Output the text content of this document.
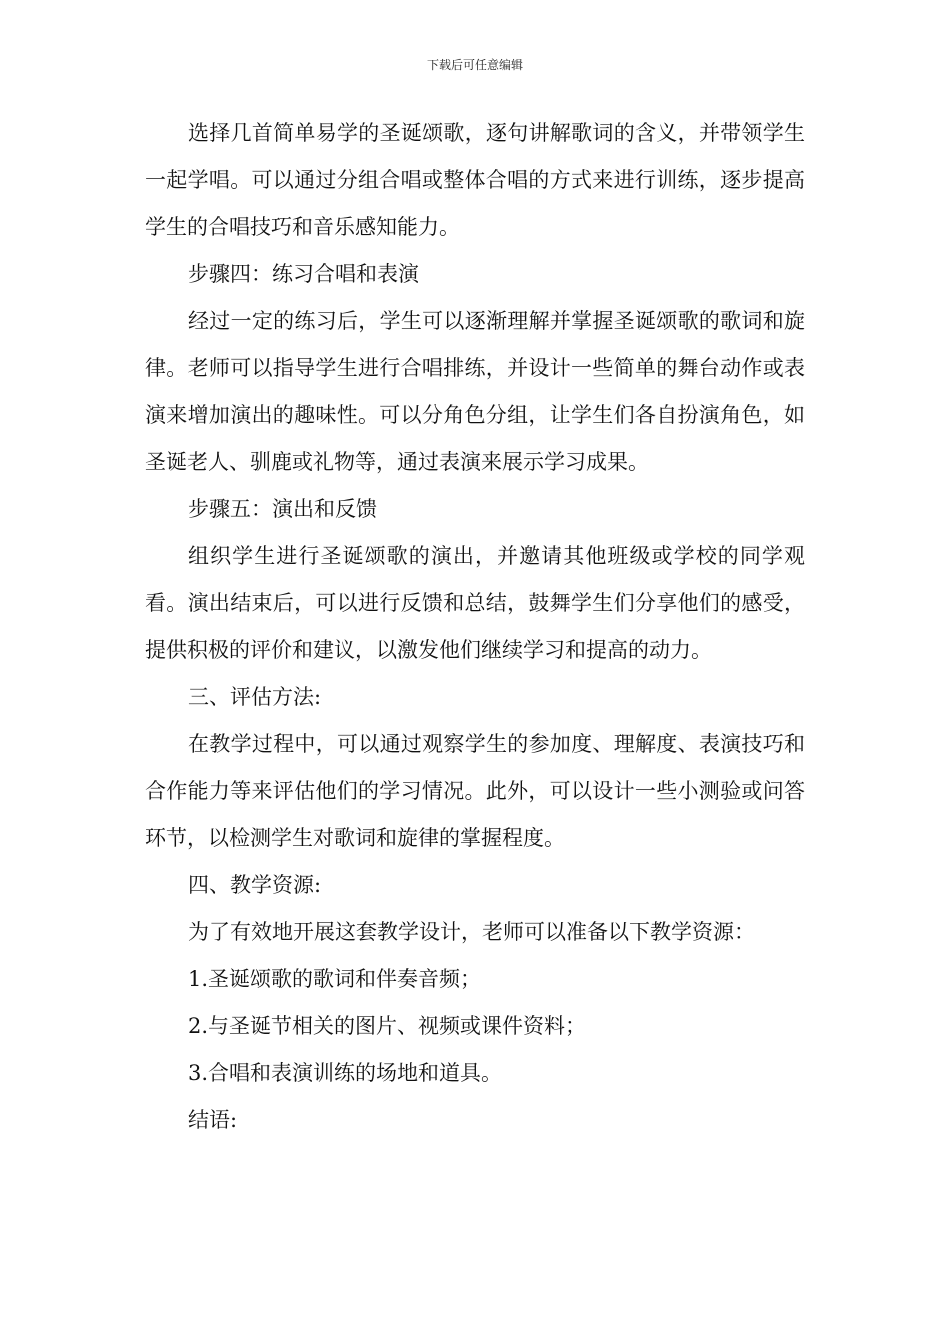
下载后可任意编辑

选择几首简单易学的圣诞颂歌，逐句讲解歌词的含义，并带领学生一起学唱。可以通过分组合唱或整体合唱的方式来进行训练，逐步提高学生的合唱技巧和音乐感知能力。

步骤四：练习合唱和表演

经过一定的练习后，学生可以逐渐理解并掌握圣诞颂歌的歌词和旋律。老师可以指导学生进行合唱排练，并设计一些简单的舞台动作或表演来增加演出的趣味性。可以分角色分组，让学生们各自扮演角色，如圣诞老人、驯鹿或礼物等，通过表演来展示学习成果。

步骤五：演出和反馈

组织学生进行圣诞颂歌的演出，并邀请其他班级或学校的同学观看。演出结束后，可以进行反馈和总结，鼓舞学生们分享他们的感受，提供积极的评价和建议，以激发他们继续学习和提高的动力。

三、评估方法:

在教学过程中，可以通过观察学生的参加度、理解度、表演技巧和合作能力等来评估他们的学习情况。此外，可以设计一些小测验或问答环节，以检测学生对歌词和旋律的掌握程度。

四、教学资源:

为了有效地开展这套教学设计，老师可以准备以下教学资源：

1.圣诞颂歌的歌词和伴奏音频；

2.与圣诞节相关的图片、视频或课件资料；

3.合唱和表演训练的场地和道具。

结语:
